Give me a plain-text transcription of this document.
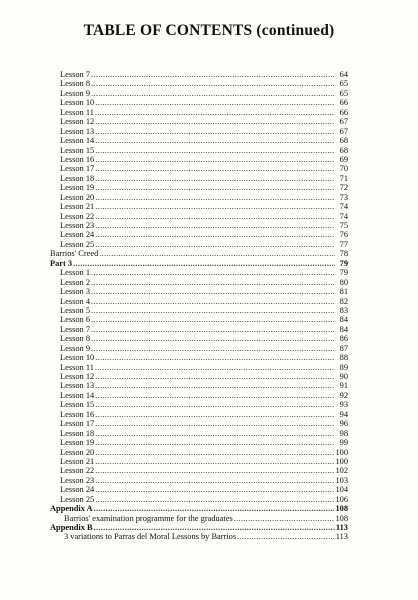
TABLE OF CONTENTS (continued)
Lesson 7 .....	64
Lesson 8 .....	65
Lesson 9 .....	65
Lesson 10 .....	66
Lesson 11 .....	66
Lesson 12 .....	67
Lesson 13 .....	67
Lesson 14 .....	68
Lesson 15 .....	68
Lesson 16 .....	69
Lesson 17 .....	70
Lesson 18 .....	71
Lesson 19 .....	72
Lesson 20 .....	73
Lesson 21 .....	74
Lesson 22 .....	74
Lesson 23 .....	75
Lesson 24 .....	76
Lesson 25 .....	77
Barrios' Creed .....	78
Part 3 .....	79
Lesson 1 .....	79
Lesson 2 .....	80
Lesson 3 .....	81
Lesson 4 .....	82
Lesson 5 .....	83
Lesson 6 .....	84
Lesson 7 .....	84
Lesson 8 .....	86
Lesson 9 .....	87
Lesson 10 .....	88
Lesson 11 .....	89
Lesson 12 .....	90
Lesson 13 .....	91
Lesson 14 .....	92
Lesson 15 .....	93
Lesson 16 .....	94
Lesson 17 .....	96
Lesson 18 .....	98
Lesson 19 .....	99
Lesson 20 .....	100
Lesson 21 .....	100
Lesson 22 .....	102
Lesson 23 .....	103
Lesson 24 .....	104
Lesson 25 .....	106
Appendix A .....	108
Barrios' examination programme for the graduates .....	108
Appendix B .....	113
3 variations to Parras del Moral Lessons by Barrios .....	113
